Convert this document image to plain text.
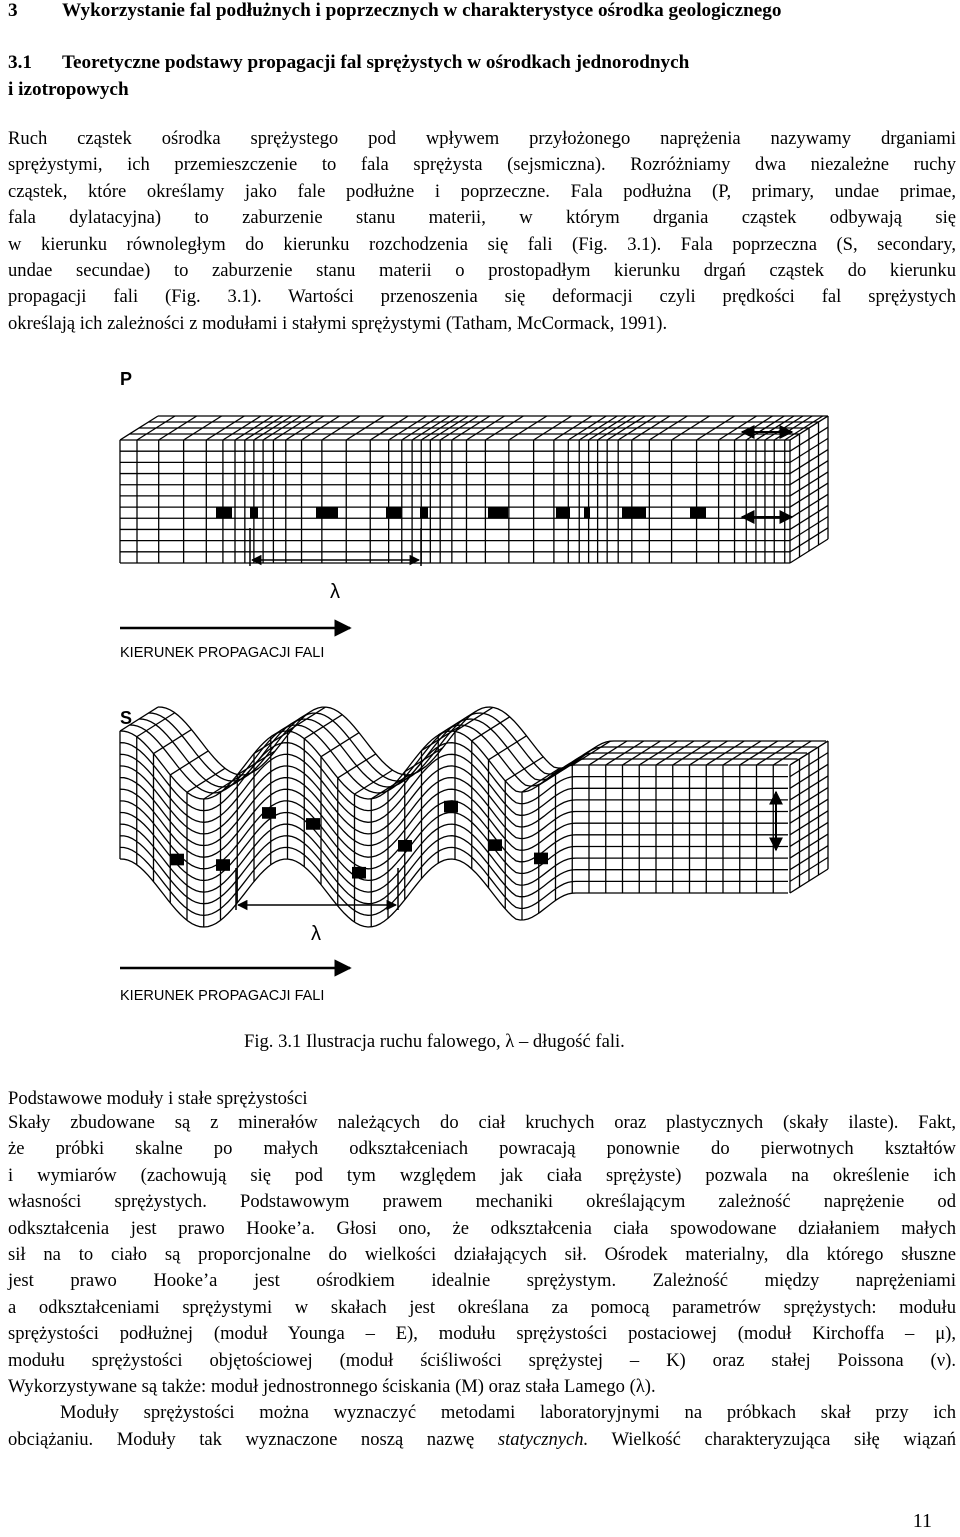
3 Wykorzystanie fal podłużnych i poprzecznych w charakterystyce ośrodka geologicznego
3.1 Teoretyczne podstawy propagacji fal sprężystych w ośrodkach jednorodnych
i izotropowych
Ruch cząstek ośrodka sprężystego pod wpływem przyłożonego naprężenia nazywamy drganiami
sprężystymi, ich przemieszczenie to fala sprężysta (sejsmiczna). Rozróżniamy dwa niezależne ruchy
cząstek, które określamy jako fale podłużne i poprzeczne. Fala podłużna (P, primary, undae primae,
fala dylatacyjna) to zaburzenie stanu materii, w którym drgania cząstek odbywają się
w kierunku równoległym do kierunku rozchodzenia się fali (Fig. 3.1). Fala poprzeczna (S, secondary,
undae secundae) to zaburzenie stanu materii o prostopadłym kierunku drgań cząstek do kierunku
propagacji fali (Fig. 3.1). Wartości przenoszenia się deformacji czyli prędkości fal sprężystych
określają ich zależności z modułami i stałymi sprężystymi (Tatham, McCormack, 1991).
P
λ
KIERUNEK PROPAGACJI FALI
S
λ
KIERUNEK PROPAGACJI FALI
Fig. 3.1 Ilustracja ruchu falowego, λ – długość fali.
Podstawowe moduły i stałe sprężystości
Skały zbudowane są z minerałów należących do ciał kruchych oraz plastycznych (skały ilaste). Fakt,
że próbki skalne po małych odkształceniach powracają ponownie do pierwotnych kształtów
i wymiarów (zachowują się pod tym względem jak ciała sprężyste) pozwala na określenie ich
własności sprężystych. Podstawowym prawem mechaniki określającym zależność naprężenie od
odkształcenia jest prawo Hooke’a. Głosi ono, że odkształcenia ciała spowodowane działaniem małych
sił na to ciało są proporcjonalne do wielkości działających sił. Ośrodek materialny, dla którego słuszne
jest prawo Hooke’a jest ośrodkiem idealnie sprężystym. Zależność między naprężeniami
a odkształceniami sprężystymi w skałach jest określana za pomocą parametrów sprężystych: modułu
sprężystości podłużnej (moduł Younga – E), modułu sprężystości postaciowej (moduł Kirchoffa – μ),
modułu sprężystości objętościowej (moduł ściśliwości sprężystej – K) oraz stałej Poissona (ν).
Wykorzystywane są także: moduł jednostronnego ściskania (M) oraz stała Lamego (λ).
Moduły sprężystości można wyznaczyć metodami laboratoryjnymi na próbkach skał przy ich
obciążaniu. Moduły tak wyznaczone noszą nazwę statycznych. Wielkość charakteryzująca siłę wiązań
11
